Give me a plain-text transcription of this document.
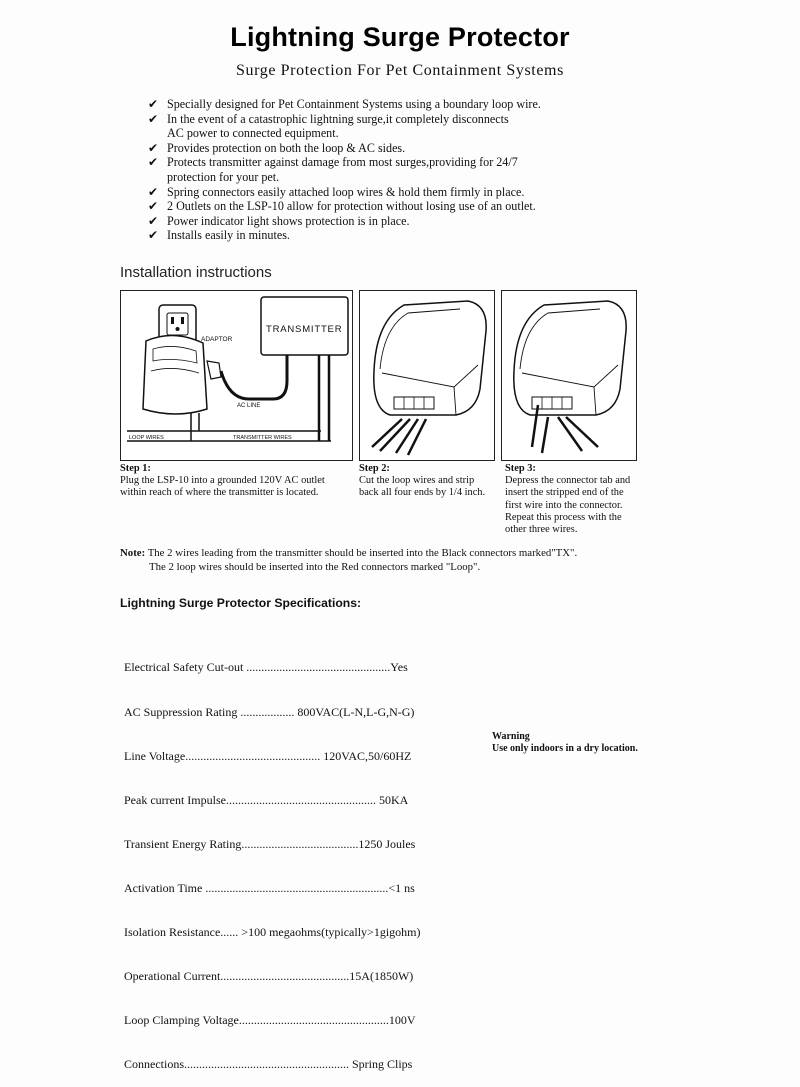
Lightning Surge Protector
Surge Protection For Pet Containment Systems
✔ Specially designed for Pet Containment Systems using a boundary loop wire.
✔ In the event of a catastrophic lightning surge,it completely disconnects
AC power to connected equipment.
✔ Provides protection on both the loop & AC sides.
✔ Protects transmitter against damage from most surges,providing for 24/7
protection for your pet.
✔ Spring connectors easily attached loop wires & hold them firmly in place.
✔ 2 Outlets on the LSP-10 allow for protection without losing use of an outlet.
✔ Power indicator light shows protection is in place.
✔ Installs easily in minutes.
Installation instructions
ADAPTOR
TRANSMITTER
AC LINE
LOOP WIRES	TRANSMITTER WIRES
Step 1:
Plug the LSP-10 into a grounded 120V AC outlet
within reach of where the transmitter is located.
Step 2:
Cut the loop wires and strip
back all four ends by 1/4 inch.
Step 3:
Depress the connector tab and
insert the stripped end of the
first wire into the connector.
Repeat this process with the
other three wires.
Note: The 2 wires leading from the transmitter should be inserted into the Black connectors marked"TX".
The 2 loop wires should be inserted into the Red connectors marked "Loop".
Lightning Surge Protector Specifications:

Electrical Safety Cut-out ................................................Yes

AC Suppression Rating .................. 800VAC(L-N,L-G,N-G)

Line Voltage............................................. 120VAC,50/60HZ

Peak current Impulse.................................................. 50KA

Transient Energy Rating.......................................1250 Joules

Activation Time .............................................................<1 ns

Isolation Resistance...... >100 megaohms(typically>1gigohm)

Operational Current...........................................15A(1850W)

Loop Clamping Voltage..................................................100V

Connections....................................................... Spring Clips

Warning
Use only indoors in a dry location.
